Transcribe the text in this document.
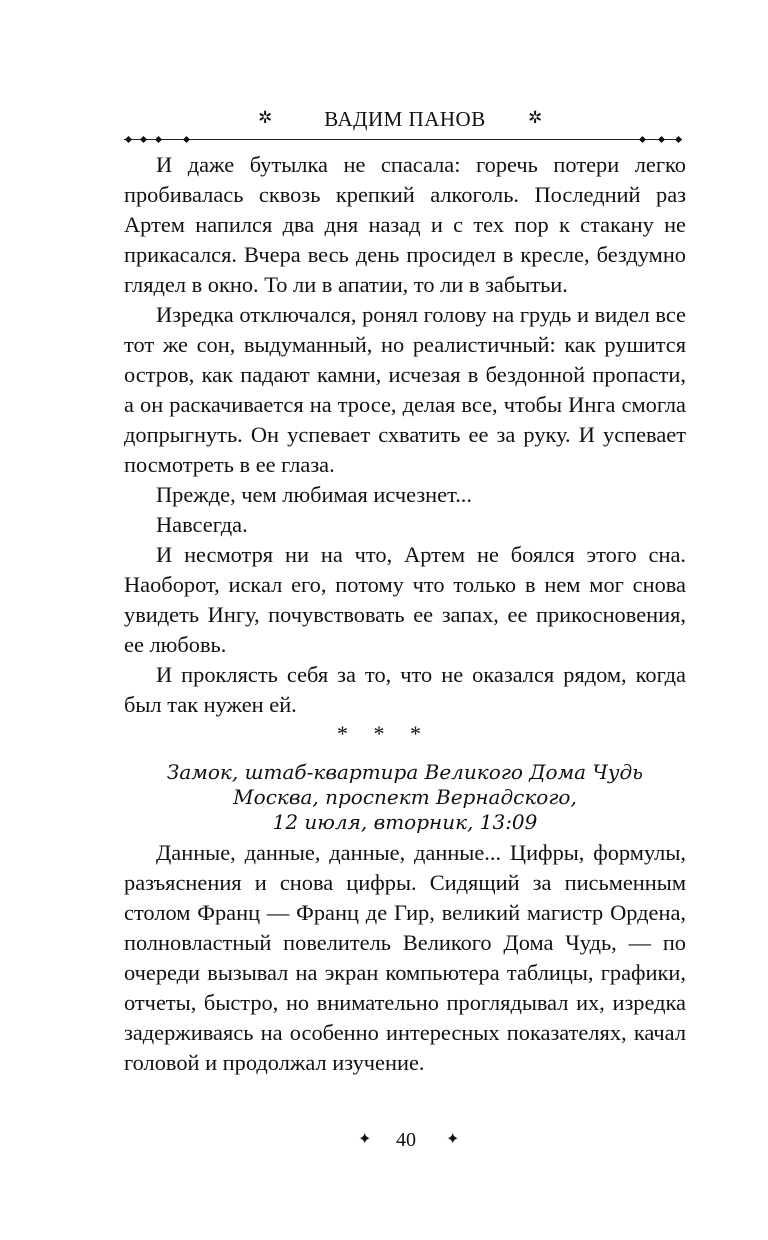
✲	ВАДИМ ПАНОВ	✲

И даже бутылка не спасала: горечь потери легко пробивалась сквозь крепкий алкоголь. Последний раз Артем напился два дня назад и с тех пор к стакану не прикасался. Вчера весь день просидел в кресле, бездумно глядел в окно. То ли в апатии, то ли в забытьи.

Изредка отключался, ронял голову на грудь и видел все тот же сон, выдуманный, но реалистичный: как рушится остров, как падают камни, исчезая в бездонной пропасти, а он раскачивается на тросе, делая все, чтобы Инга смогла допрыгнуть. Он успевает схватить ее за руку. И успевает посмотреть в ее глаза.

Прежде, чем любимая исчезнет...

Навсегда.

И несмотря ни на что, Артем не боялся этого сна. Наоборот, искал его, потому что только в нем мог снова увидеть Ингу, почувствовать ее запах, ее прикосновения, ее любовь.

И проклясть себя за то, что не оказался рядом, когда был так нужен ей.

* * *
Замок, штаб-квартира Великого Дома Чудь
Москва, проспект Вернадского,
12 июля, вторник, 13:09

Данные, данные, данные, данные... Цифры, формулы, разъяснения и снова цифры. Сидящий за письменным столом Франц — Франц де Гир, великий магистр Ордена, полновластный повелитель Великого Дома Чудь, — по очереди вызывал на экран компьютера таблицы, графики, отчеты, быстро, но внимательно проглядывал их, изредка задерживаясь на особенно интересных показателях, качал головой и продолжал изучение.

✦	40	✦
